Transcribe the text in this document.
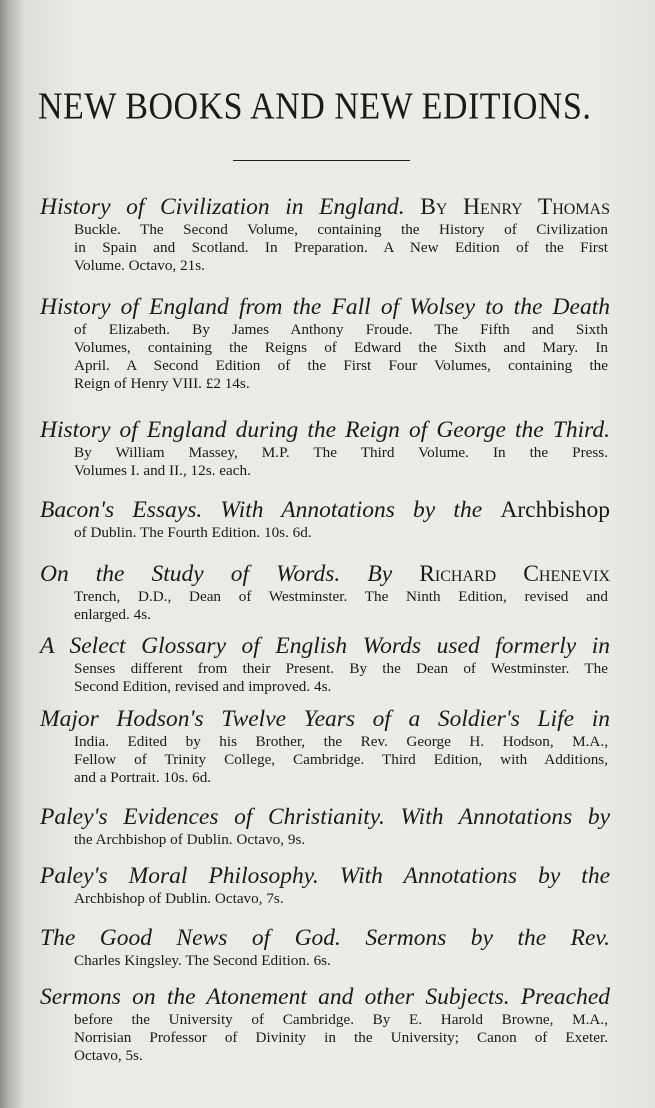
NEW BOOKS AND NEW EDITIONS.
History of Civilization in England. By Henry Thomas
Buckle. The Second Volume, containing the History of Civilization
in Spain and Scotland. In Preparation. A New Edition of the First
Volume. Octavo, 21s.
History of England from the Fall of Wolsey to the Death
of Elizabeth. By James Anthony Froude. The Fifth and Sixth
Volumes, containing the Reigns of Edward the Sixth and Mary. In
April. A Second Edition of the First Four Volumes, containing the
Reign of Henry VIII. £2 14s.
History of England during the Reign of George the Third.
By William Massey, M.P. The Third Volume. In the Press.
Volumes I. and II., 12s. each.
Bacon's Essays. With Annotations by the Archbishop
of Dublin. The Fourth Edition. 10s. 6d.
On the Study of Words. By Richard Chenevix
Trench, D.D., Dean of Westminster. The Ninth Edition, revised and
enlarged. 4s.
A Select Glossary of English Words used formerly in
Senses different from their Present. By the Dean of Westminster. The
Second Edition, revised and improved. 4s.
Major Hodson's Twelve Years of a Soldier's Life in
India. Edited by his Brother, the Rev. George H. Hodson, M.A.,
Fellow of Trinity College, Cambridge. Third Edition, with Additions,
and a Portrait. 10s. 6d.
Paley's Evidences of Christianity. With Annotations by
the Archbishop of Dublin. Octavo, 9s.
Paley's Moral Philosophy. With Annotations by the
Archbishop of Dublin. Octavo, 7s.
The Good News of God. Sermons by the Rev.
Charles Kingsley. The Second Edition. 6s.
Sermons on the Atonement and other Subjects. Preached
before the University of Cambridge. By E. Harold Browne, M.A.,
Norrisian Professor of Divinity in the University; Canon of Exeter.
Octavo, 5s.
